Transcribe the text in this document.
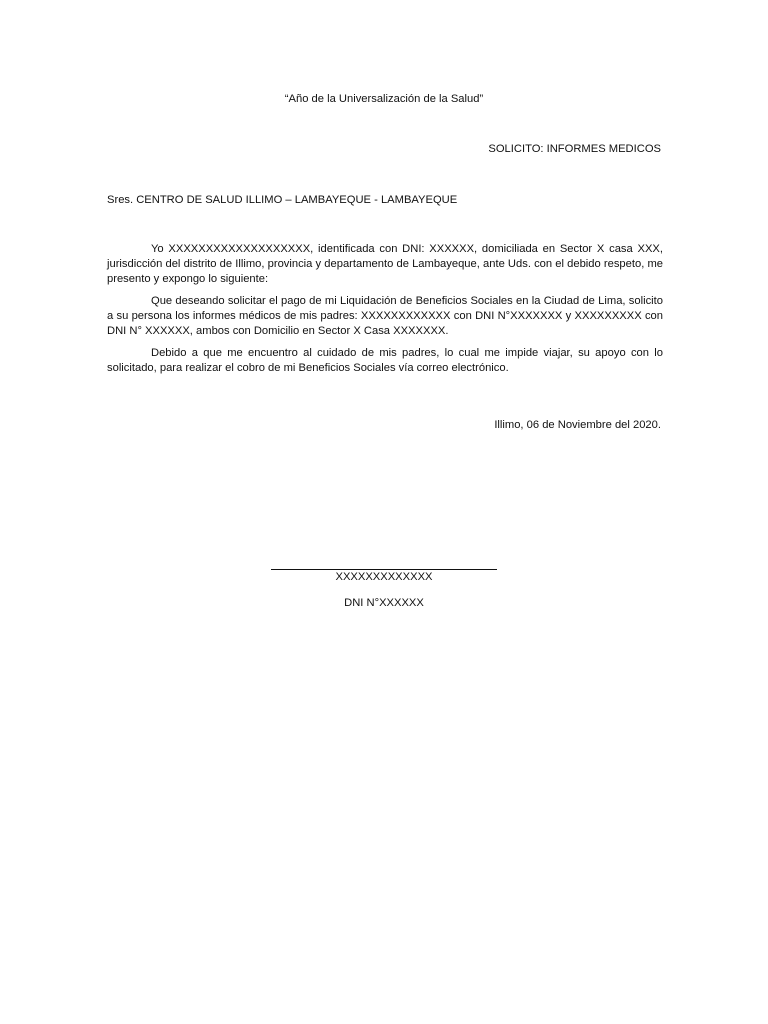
“Año de la Universalización de la Salud”
SOLICITO: INFORMES MEDICOS
Sres. CENTRO DE SALUD ILLIMO – LAMBAYEQUE - LAMBAYEQUE

Yo XXXXXXXXXXXXXXXXXXX, identificada con DNI: XXXXXX, domiciliada en Sector X casa XXX, jurisdicción del distrito de Illimo, provincia y departamento de Lambayeque, ante Uds. con el debido respeto, me presento y expongo lo siguiente:

Que deseando solicitar el pago de mi Liquidación de Beneficios Sociales en la Ciudad de Lima, solicito a su persona los informes médicos de mis padres: XXXXXXXXXXXX con DNI N°XXXXXXX y XXXXXXXXX con DNI N° XXXXXX, ambos con Domicilio en Sector X Casa XXXXXXX.

Debido a que me encuentro al cuidado de mis padres, lo cual me impide viajar, su apoyo con lo solicitado, para realizar el cobro de mi Beneficios Sociales vía correo electrónico.

Illimo, 06 de Noviembre del 2020.
XXXXXXXXXXXXX
DNI N°XXXXXX
